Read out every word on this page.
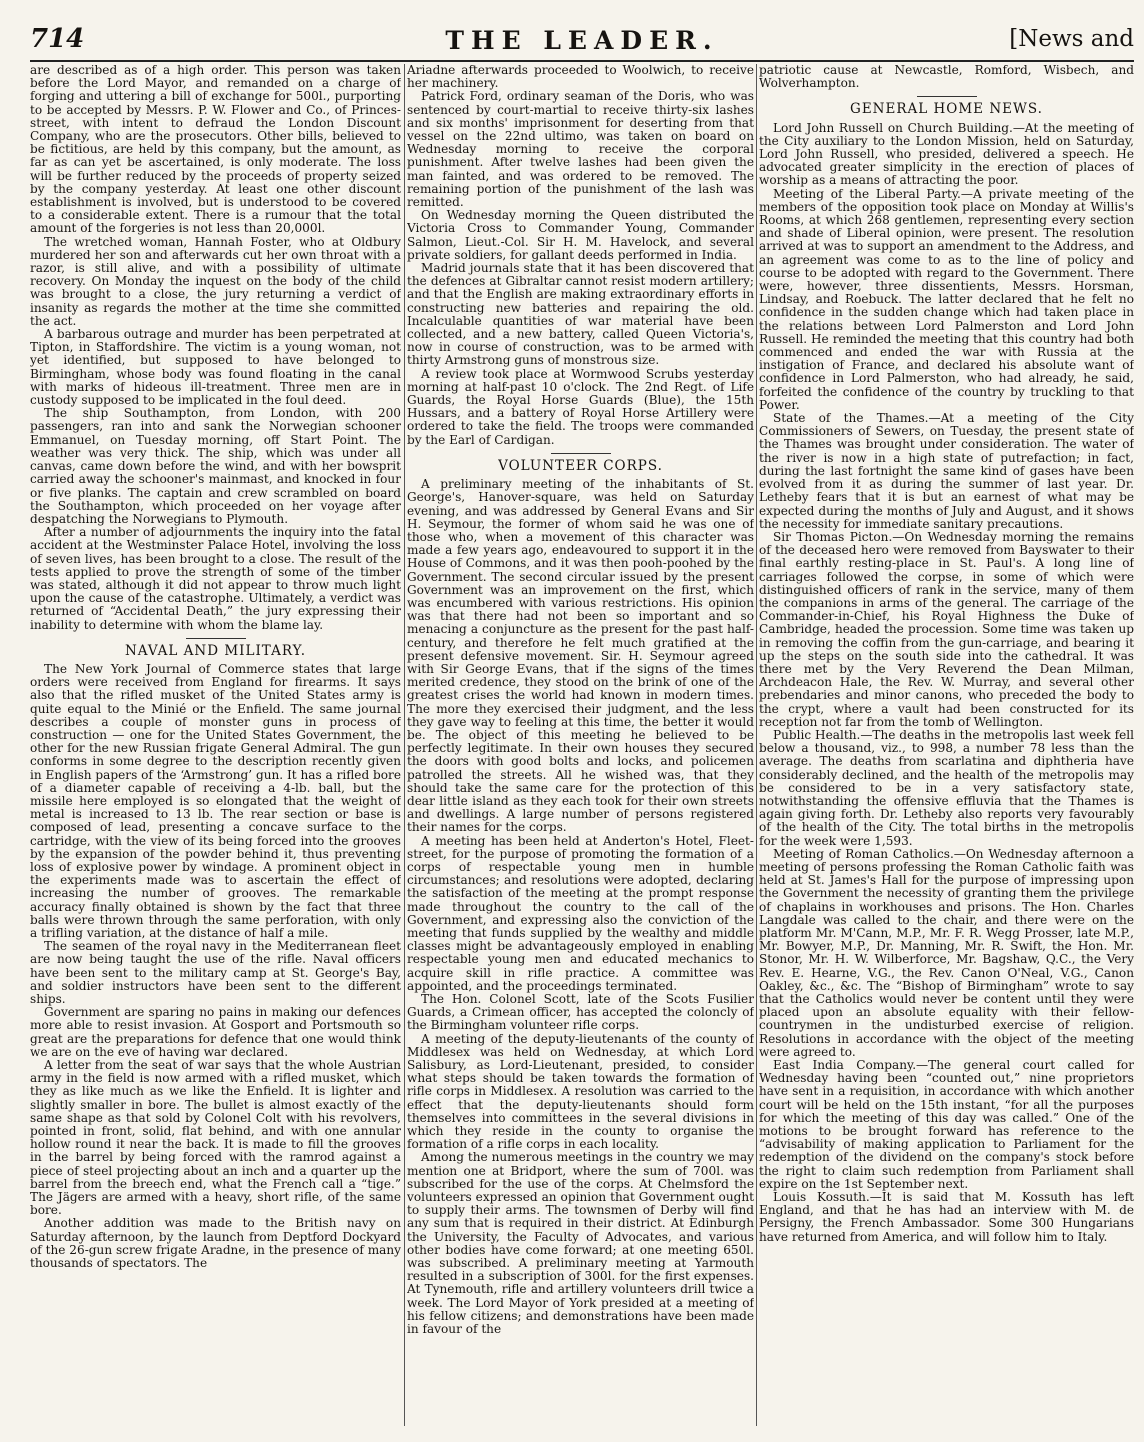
714	THE LEADER.	[News and

are described as of a high order. This person was taken before the Lord Mayor, and remanded on a charge of forging and uttering a bill of exchange for 500l., purporting to be accepted by Messrs. P. W. Flower and Co., of Princes-street, with intent to defraud the London Discount Company, who are the prosecutors. Other bills, believed to be fictitious, are held by this company, but the amount, as far as can yet be ascertained, is only moderate. The loss will be further reduced by the proceeds of property seized by the company yesterday. At least one other discount establishment is involved, but is understood to be covered to a considerable extent. There is a rumour that the total amount of the forgeries is not less than 20,000l.

The wretched woman, Hannah Foster, who at Oldbury murdered her son and afterwards cut her own throat with a razor, is still alive, and with a possibility of ultimate recovery. On Monday the inquest on the body of the child was brought to a close, the jury returning a verdict of insanity as regards the mother at the time she committed the act.

A barbarous outrage and murder has been perpetrated at Tipton, in Staffordshire. The victim is a young woman, not yet identified, but supposed to have belonged to Birmingham, whose body was found floating in the canal with marks of hideous ill-treatment. Three men are in custody supposed to be implicated in the foul deed.

The ship Southampton, from London, with 200 passengers, ran into and sank the Norwegian schooner Emmanuel, on Tuesday morning, off Start Point. The weather was very thick. The ship, which was under all canvas, came down before the wind, and with her bowsprit carried away the schooner's mainmast, and knocked in four or five planks. The captain and crew scrambled on board the Southampton, which proceeded on her voyage after despatching the Norwegians to Plymouth.

After a number of adjournments the inquiry into the fatal accident at the Westminster Palace Hotel, involving the loss of seven lives, has been brought to a close. The result of the tests applied to prove the strength of some of the timber was stated, although it did not appear to throw much light upon the cause of the catastrophe. Ultimately, a verdict was returned of “Accidental Death,” the jury expressing their inability to determine with whom the blame lay.

NAVAL AND MILITARY.

The New York Journal of Commerce states that large orders were received from England for firearms. It says also that the rifled musket of the United States army is quite equal to the Minié or the Enfield. The same journal describes a couple of monster guns in process of construction — one for the United States Government, the other for the new Russian frigate General Admiral. The gun conforms in some degree to the description recently given in English papers of the ‘Armstrong’ gun. It has a rifled bore of a diameter capable of receiving a 4-lb. ball, but the missile here employed is so elongated that the weight of metal is increased to 13 lb. The rear section or base is composed of lead, presenting a concave surface to the cartridge, with the view of its being forced into the grooves by the expansion of the powder behind it, thus preventing loss of explosive power by windage. A prominent object in the experiments made was to ascertain the effect of increasing the number of grooves. The remarkable accuracy finally obtained is shown by the fact that three balls were thrown through the same perforation, with only a trifling variation, at the distance of half a mile.

The seamen of the royal navy in the Mediterranean fleet are now being taught the use of the rifle. Naval officers have been sent to the military camp at St. George's Bay, and soldier instructors have been sent to the different ships.

Government are sparing no pains in making our defences more able to resist invasion. At Gosport and Portsmouth so great are the preparations for defence that one would think we are on the eve of having war declared.

A letter from the seat of war says that the whole Austrian army in the field is now armed with a rifled musket, which they as like much as we like the Enfield. It is lighter and slightly smaller in bore. The bullet is almost exactly of the same shape as that sold by Colonel Colt with his revolvers, pointed in front, solid, flat behind, and with one annular hollow round it near the back. It is made to fill the grooves in the barrel by being forced with the ramrod against a piece of steel projecting about an inch and a quarter up the barrel from the breech end, what the French call a “tige.” The Jägers are armed with a heavy, short rifle, of the same bore.

Another addition was made to the British navy on Saturday afternoon, by the launch from Deptford Dockyard of the 26-gun screw frigate Aradne, in the presence of many thousands of spectators. The

Ariadne afterwards proceeded to Woolwich, to receive her machinery.

Patrick Ford, ordinary seaman of the Doris, who was sentenced by court-martial to receive thirty-six lashes and six months' imprisonment for deserting from that vessel on the 22nd ultimo, was taken on board on Wednesday morning to receive the corporal punishment. After twelve lashes had been given the man fainted, and was ordered to be removed. The remaining portion of the punishment of the lash was remitted.

On Wednesday morning the Queen distributed the Victoria Cross to Commander Young, Commander Salmon, Lieut.-Col. Sir H. M. Havelock, and several private soldiers, for gallant deeds performed in India.

Madrid journals state that it has been discovered that the defences at Gibraltar cannot resist modern artillery; and that the English are making extraordinary efforts in constructing new batteries and repairing the old. Incalculable quantities of war material have been collected, and a new battery, called Queen Victoria's, now in course of construction, was to be armed with thirty Armstrong guns of monstrous size.

A review took place at Wormwood Scrubs yesterday morning at half-past 10 o'clock. The 2nd Regt. of Life Guards, the Royal Horse Guards (Blue), the 15th Hussars, and a battery of Royal Horse Artillery were ordered to take the field. The troops were commanded by the Earl of Cardigan.

VOLUNTEER CORPS.

A preliminary meeting of the inhabitants of St. George's, Hanover-square, was held on Saturday evening, and was addressed by General Evans and Sir H. Seymour, the former of whom said he was one of those who, when a movement of this character was made a few years ago, endeavoured to support it in the House of Commons, and it was then pooh-poohed by the Government. The second circular issued by the present Government was an improvement on the first, which was encumbered with various restrictions. His opinion was that there had not been so important and so menacing a conjuncture as the present for the past half-century, and therefore he felt much gratified at the present defensive movement. Sir. H. Seymour agreed with Sir George Evans, that if the signs of the times merited credence, they stood on the brink of one of the greatest crises the world had known in modern times. The more they exercised their judgment, and the less they gave way to feeling at this time, the better it would be. The object of this meeting he believed to be perfectly legitimate. In their own houses they secured the doors with good bolts and locks, and policemen patrolled the streets. All he wished was, that they should take the same care for the protection of this dear little island as they each took for their own streets and dwellings. A large number of persons registered their names for the corps.

A meeting has been held at Anderton's Hotel, Fleet-street, for the purpose of promoting the formation of a corps of respectable young men in humble circumstances; and resolutions were adopted, declaring the satisfaction of the meeting at the prompt response made throughout the country to the call of the Government, and expressing also the conviction of the meeting that funds supplied by the wealthy and middle classes might be advantageously employed in enabling respectable young men and educated mechanics to acquire skill in rifle practice. A committee was appointed, and the proceedings terminated.

The Hon. Colonel Scott, late of the Scots Fusilier Guards, a Crimean officer, has accepted the coloncly of the Birmingham volunteer rifle corps.

A meeting of the deputy-lieutenants of the county of Middlesex was held on Wednesday, at which Lord Salisbury, as Lord-Lieutenant, presided, to consider what steps should be taken towards the formation of rifle corps in Middlesex. A resolution was carried to the effect that the deputy-lieutenants should form themselves into committees in the several divisions in which they reside in the county to organise the formation of a rifle corps in each locality.

Among the numerous meetings in the country we may mention one at Bridport, where the sum of 700l. was subscribed for the use of the corps. At Chelmsford the volunteers expressed an opinion that Government ought to supply their arms. The townsmen of Derby will find any sum that is required in their district. At Edinburgh the University, the Faculty of Advocates, and various other bodies have come forward; at one meeting 650l. was subscribed. A preliminary meeting at Yarmouth resulted in a subscription of 300l. for the first expenses. At Tynemouth, rifle and artillery volunteers drill twice a week. The Lord Mayor of York presided at a meeting of his fellow citizens; and demonstrations have been made in favour of the

patriotic cause at Newcastle, Romford, Wisbech, and Wolverhampton.

GENERAL HOME NEWS.

Lord John Russell on Church Building.—At the meeting of the City auxiliary to the London Mission, held on Saturday, Lord John Russell, who presided, delivered a speech. He advocated greater simplicity in the erection of places of worship as a means of attracting the poor.

Meeting of the Liberal Party.—A private meeting of the members of the opposition took place on Monday at Willis's Rooms, at which 268 gentlemen, representing every section and shade of Liberal opinion, were present. The resolution arrived at was to support an amendment to the Address, and an agreement was come to as to the line of policy and course to be adopted with regard to the Government. There were, however, three dissentients, Messrs. Horsman, Lindsay, and Roebuck. The latter declared that he felt no confidence in the sudden change which had taken place in the relations between Lord Palmerston and Lord John Russell. He reminded the meeting that this country had both commenced and ended the war with Russia at the instigation of France, and declared his absolute want of confidence in Lord Palmerston, who had already, he said, forfeited the confidence of the country by truckling to that Power.

State of the Thames.—At a meeting of the City Commissioners of Sewers, on Tuesday, the present state of the Thames was brought under consideration. The water of the river is now in a high state of putrefaction; in fact, during the last fortnight the same kind of gases have been evolved from it as during the summer of last year. Dr. Letheby fears that it is but an earnest of what may be expected during the months of July and August, and it shows the necessity for immediate sanitary precautions.

Sir Thomas Picton.—On Wednesday morning the remains of the deceased hero were removed from Bayswater to their final earthly resting-place in St. Paul's. A long line of carriages followed the corpse, in some of which were distinguished officers of rank in the service, many of them the companions in arms of the general. The carriage of the Commander-in-Chief, his Royal Highness the Duke of Cambridge, headed the procession. Some time was taken up in removing the coffin from the gun-carriage, and bearing it up the steps on the south side into the cathedral. It was there met by the Very Reverend the Dean Milman, Archdeacon Hale, the Rev. W. Murray, and several other prebendaries and minor canons, who preceded the body to the crypt, where a vault had been constructed for its reception not far from the tomb of Wellington.

Public Health.—The deaths in the metropolis last week fell below a thousand, viz., to 998, a number 78 less than the average. The deaths from scarlatina and diphtheria have considerably declined, and the health of the metropolis may be considered to be in a very satisfactory state, notwithstanding the offensive effluvia that the Thames is again giving forth. Dr. Letheby also reports very favourably of the health of the City. The total births in the metropolis for the week were 1,593.

Meeting of Roman Catholics.—On Wednesday afternoon a meeting of persons professing the Roman Catholic faith was held at St. James's Hall for the purpose of impressing upon the Government the necessity of granting them the privilege of chaplains in workhouses and prisons. The Hon. Charles Langdale was called to the chair, and there were on the platform Mr. M'Cann, M.P., Mr. F. R. Wegg Prosser, late M.P., Mr. Bowyer, M.P., Dr. Manning, Mr. R. Swift, the Hon. Mr. Stonor, Mr. H. W. Wilberforce, Mr. Bagshaw, Q.C., the Very Rev. E. Hearne, V.G., the Rev. Canon O'Neal, V.G., Canon Oakley, &c., &c. The “Bishop of Birmingham” wrote to say that the Catholics would never be content until they were placed upon an absolute equality with their fellow-countrymen in the undisturbed exercise of religion. Resolutions in accordance with the object of the meeting were agreed to.

East India Company.—The general court called for Wednesday having been “counted out,” nine proprietors have sent in a requisition, in accordance with which another court will be held on the 15th instant, “for all the purposes for which the meeting of this day was called.” One of the motions to be brought forward has reference to the “advisability of making application to Parliament for the redemption of the dividend on the company's stock before the right to claim such redemption from Parliament shall expire on the 1st September next.

Louis Kossuth.—It is said that M. Kossuth has left England, and that he has had an interview with M. de Persigny, the French Ambassador. Some 300 Hungarians have returned from America, and will follow him to Italy.
